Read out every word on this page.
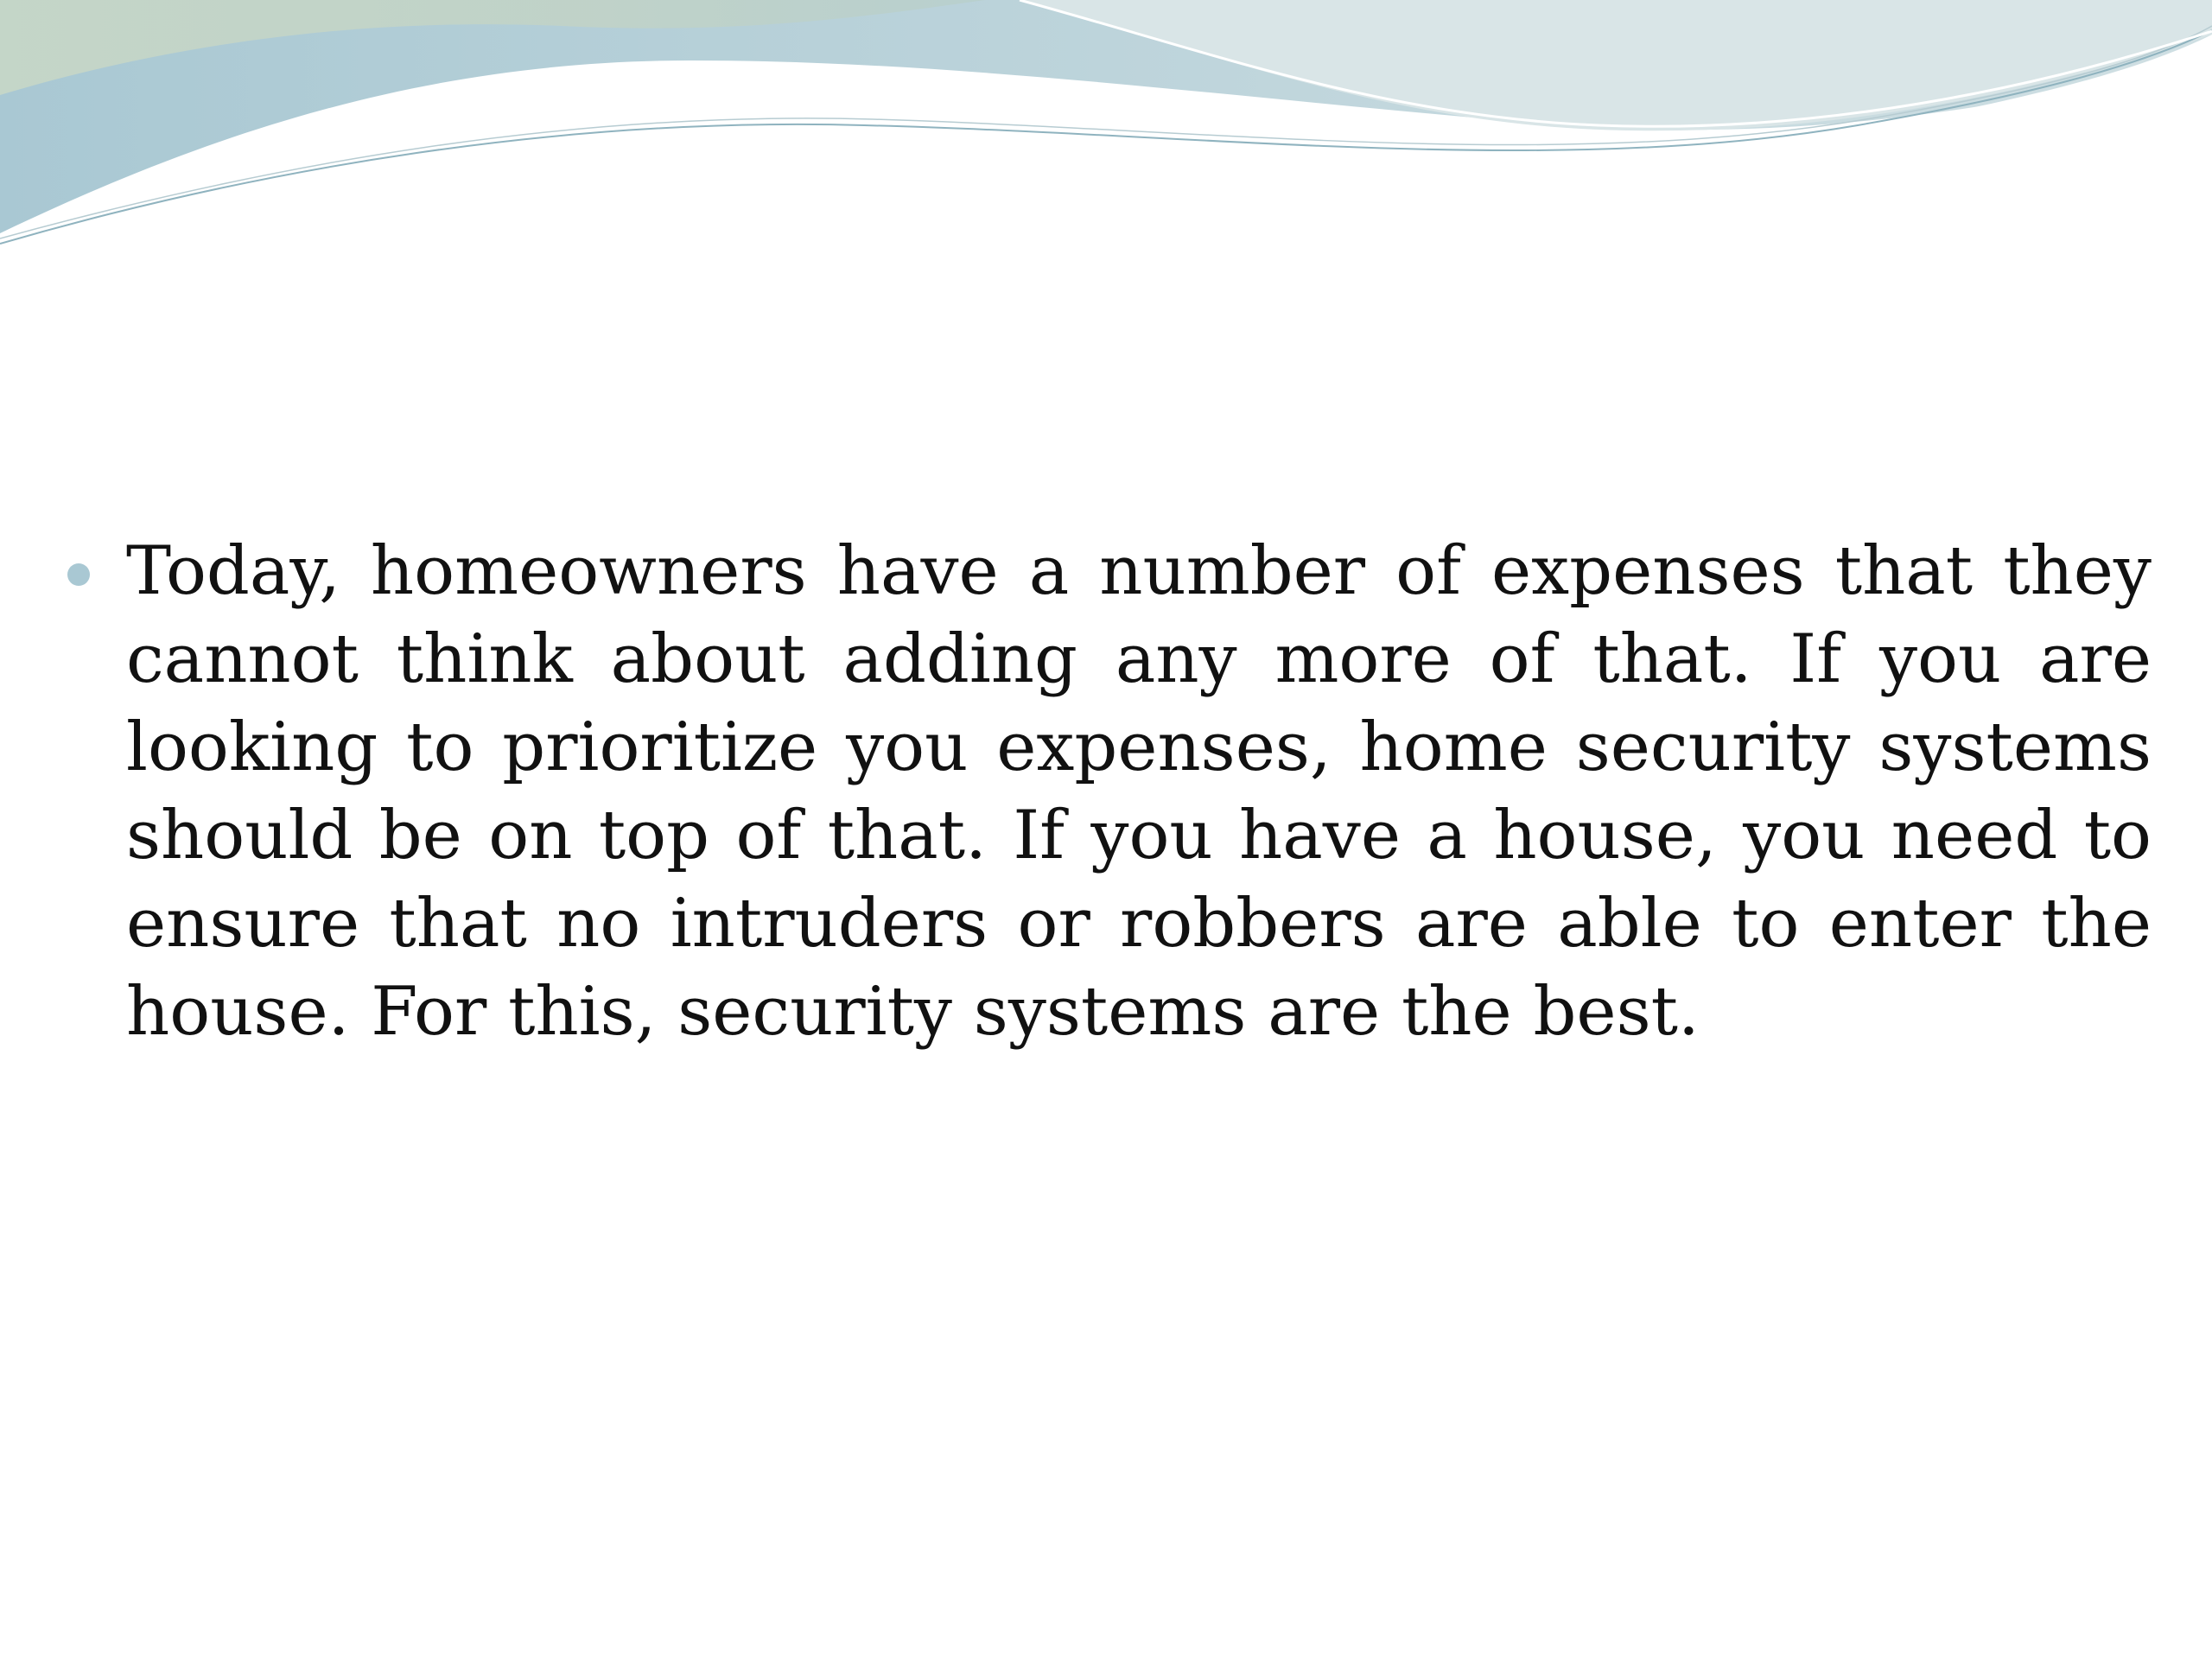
Today, homeowners have a number of expenses that they cannot think about adding any more of that. If you are looking to prioritize you expenses, home security systems should be on top of that. If you have a house, you need to ensure that no intruders or robbers are able to enter the house. For this, security systems are the best.
